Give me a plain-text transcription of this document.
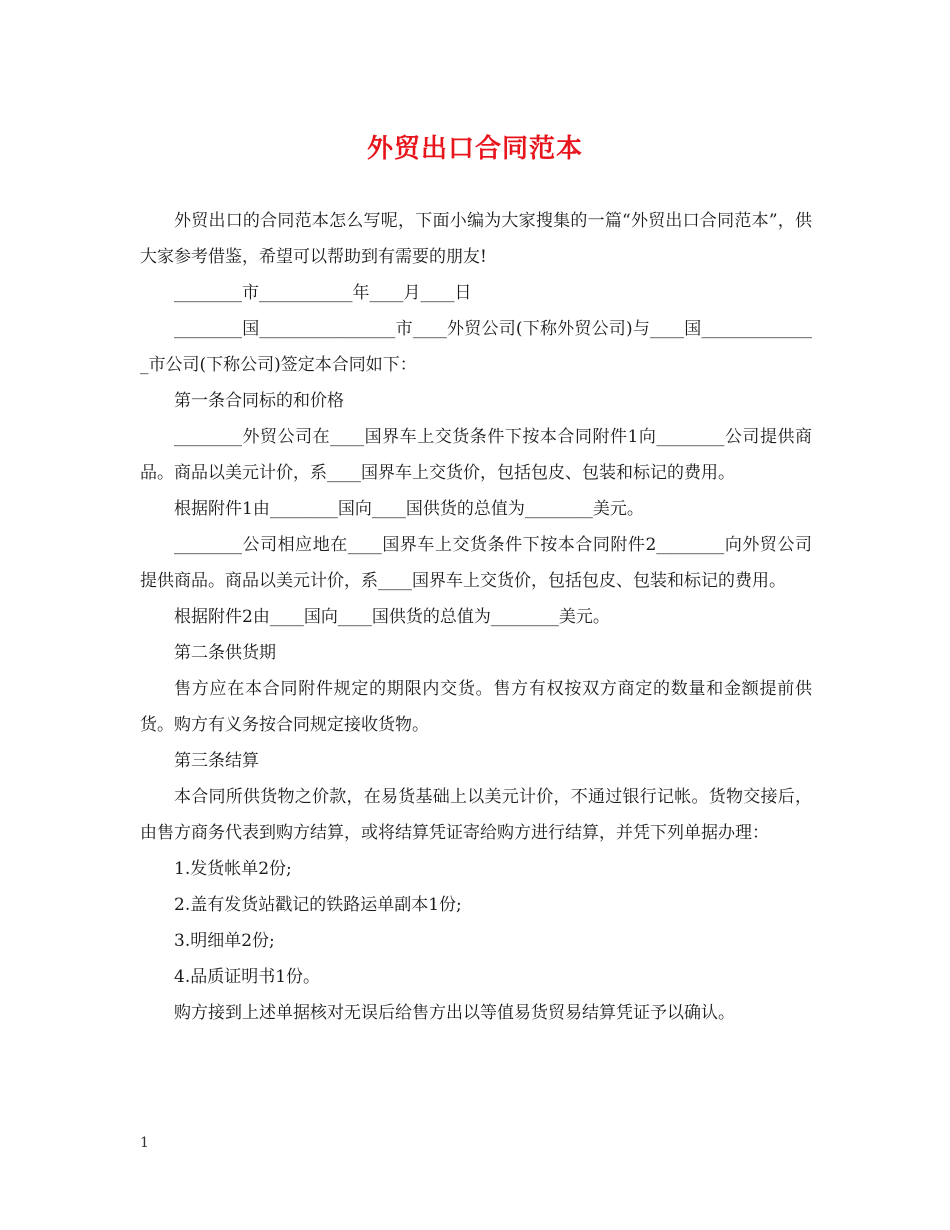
外贸出口合同范本

外贸出口的合同范本怎么写呢，下面小编为大家搜集的一篇“外贸出口合同范本”，供大家参考借鉴，希望可以帮助到有需要的朋友!

________市___________年____月____日

________国________________市____外贸公司(下称外贸公司)与____国______________市公司(下称公司)签定本合同如下：

第一条合同标的和价格

________外贸公司在____国界车上交货条件下按本合同附件1向________公司提供商品。商品以美元计价，系____国界车上交货价，包括包皮、包装和标记的费用。

根据附件1由________国向____国供货的总值为________美元。

________公司相应地在____国界车上交货条件下按本合同附件2________向外贸公司提供商品。商品以美元计价，系____国界车上交货价，包括包皮、包装和标记的费用。

根据附件2由____国向____国供货的总值为________美元。

第二条供货期

售方应在本合同附件规定的期限内交货。售方有权按双方商定的数量和金额提前供货。购方有义务按合同规定接收货物。

第三条结算

本合同所供货物之价款，在易货基础上以美元计价，不通过银行记帐。货物交接后，由售方商务代表到购方结算，或将结算凭证寄给购方进行结算，并凭下列单据办理：

1.发货帐单2份;

2.盖有发货站戳记的铁路运单副本1份;

3.明细单2份;

4.品质证明书1份。

购方接到上述单据核对无误后给售方出以等值易货贸易结算凭证予以确认。

1
